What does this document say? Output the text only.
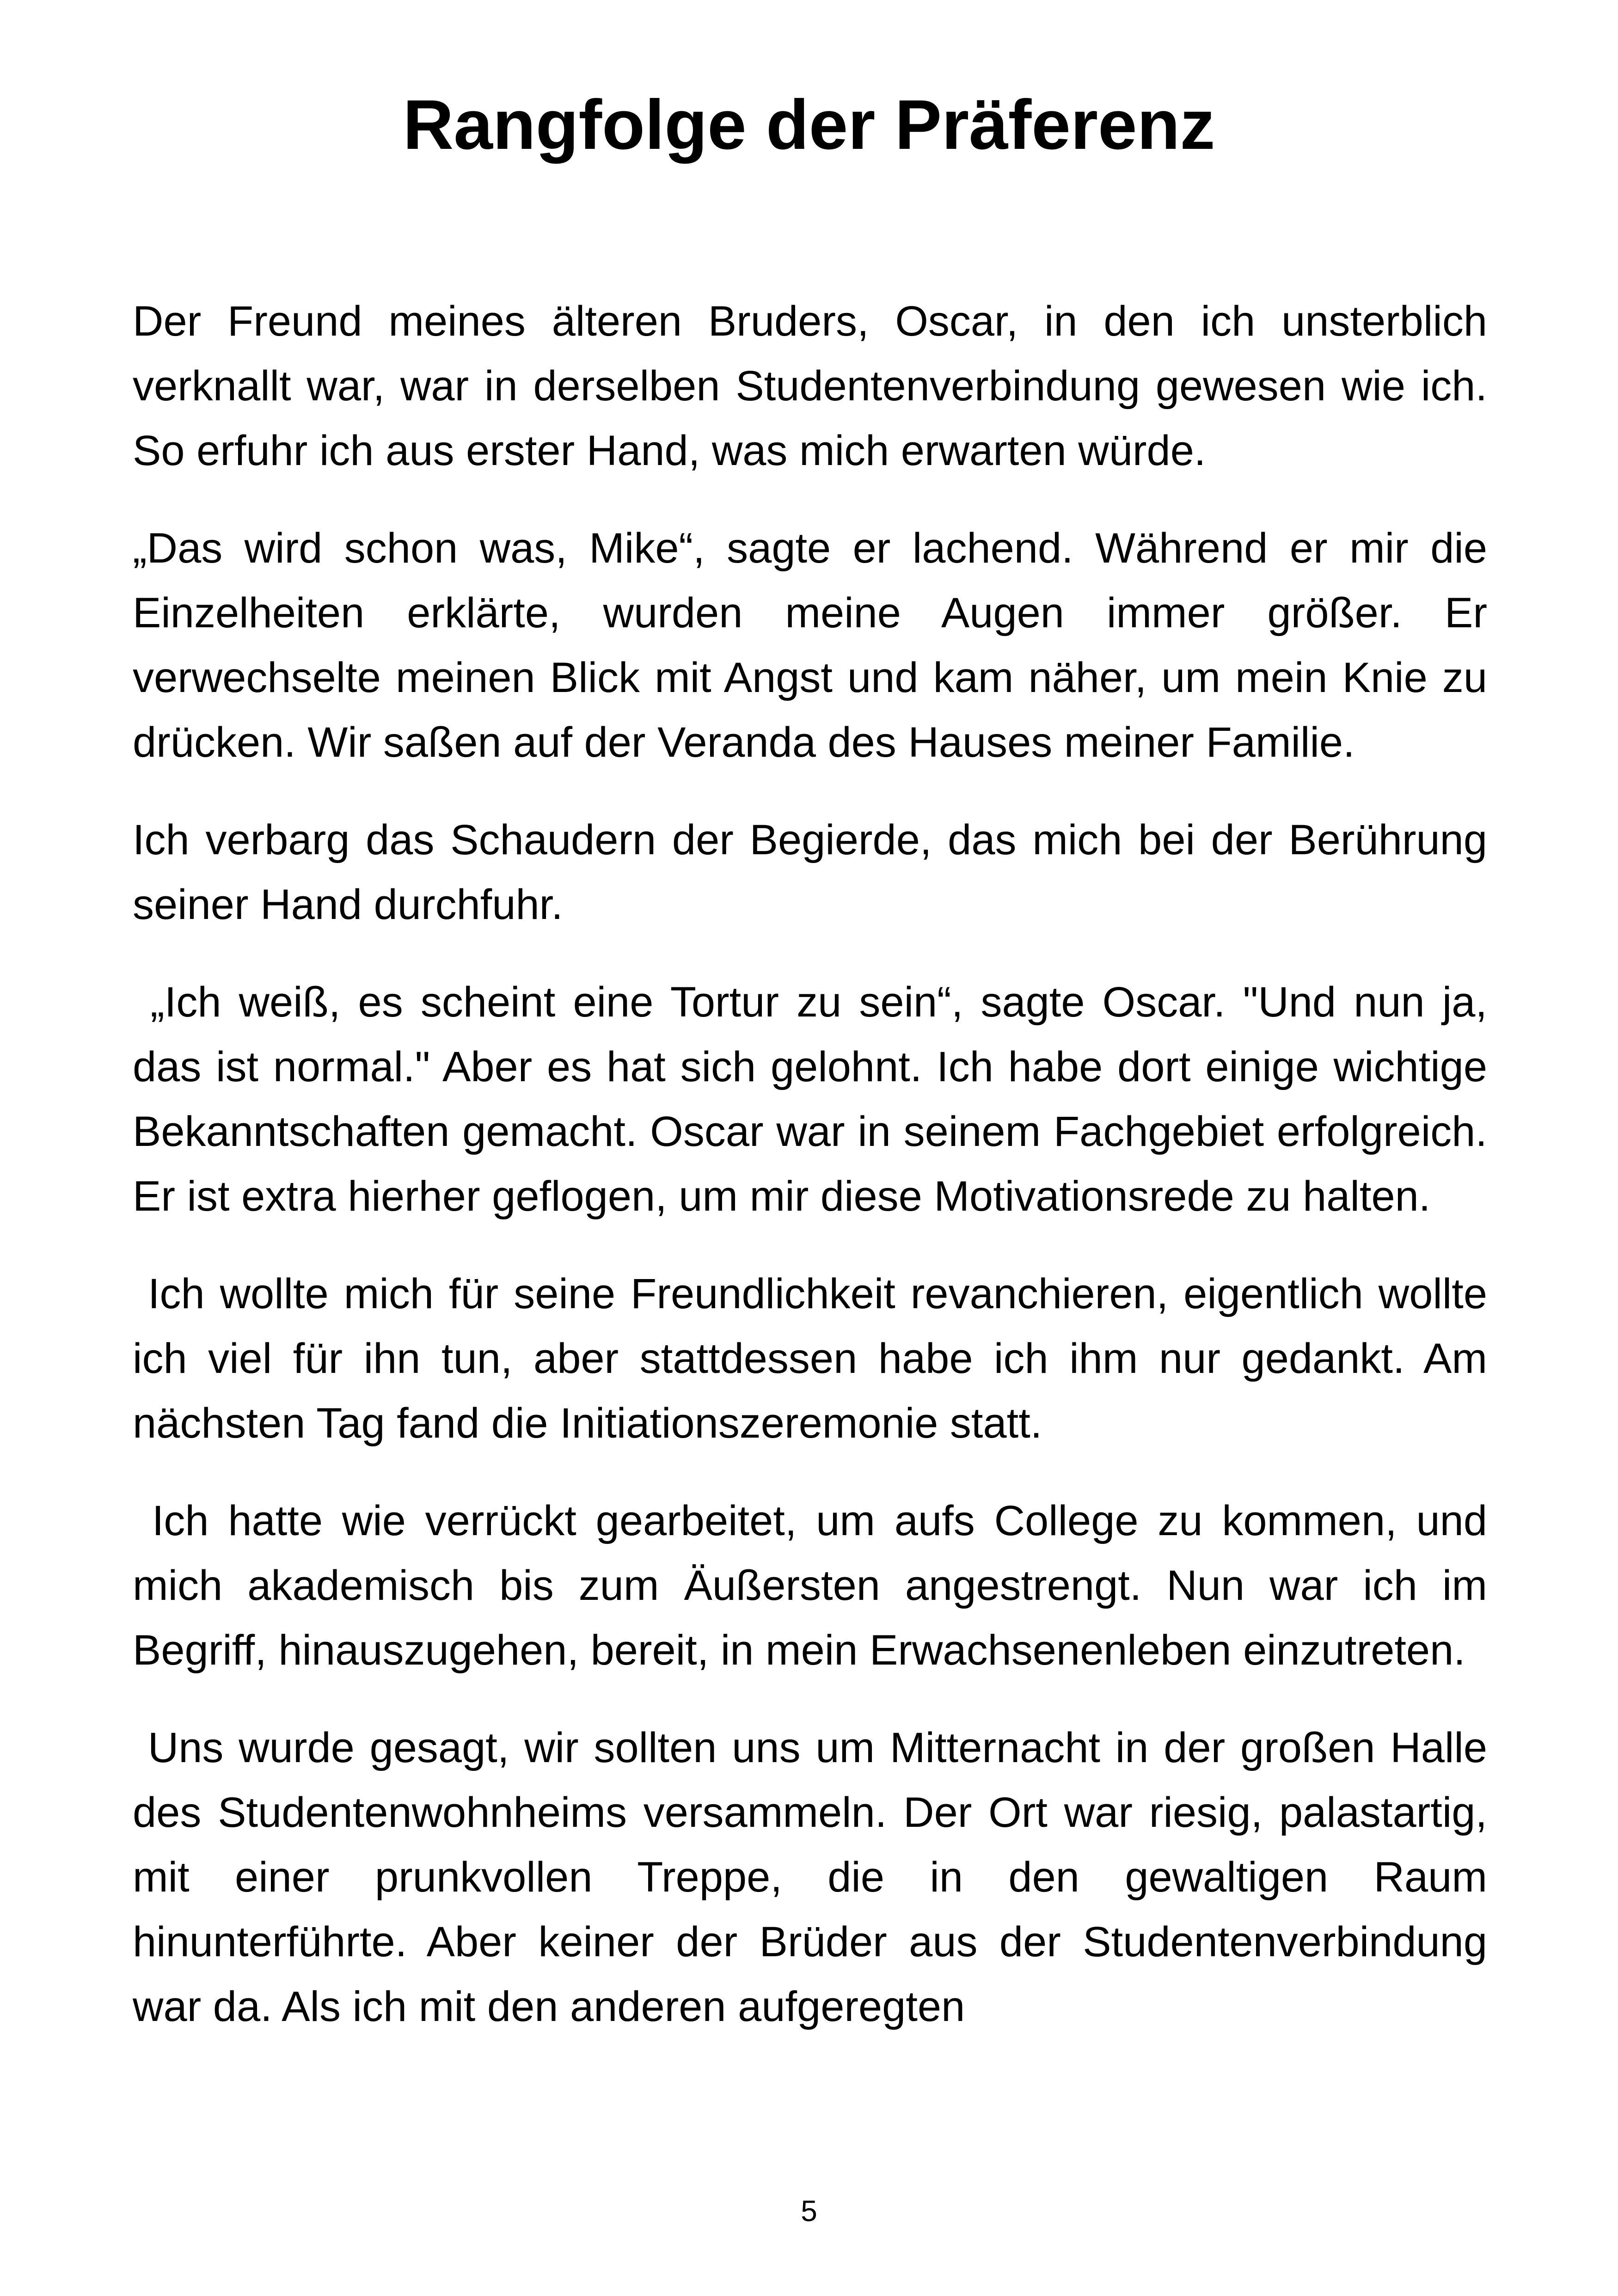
Rangfolge der Präferenz

Der Freund meines älteren Bruders, Oscar, in den ich unsterblich verknallt war, war in derselben Studentenverbindung gewesen wie ich. So erfuhr ich aus erster Hand, was mich erwarten würde.

„Das wird schon was, Mike“, sagte er lachend. Während er mir die Einzelheiten erklärte, wurden meine Augen immer größer. Er verwechselte meinen Blick mit Angst und kam näher, um mein Knie zu drücken. Wir saßen auf der Veranda des Hauses meiner Familie.

Ich verbarg das Schaudern der Begierde, das mich bei der Berührung seiner Hand durchfuhr.

„Ich weiß, es scheint eine Tortur zu sein“, sagte Oscar. "Und nun ja, das ist normal." Aber es hat sich gelohnt. Ich habe dort einige wichtige Bekanntschaften gemacht. Oscar war in seinem Fachgebiet erfolgreich. Er ist extra hierher geflogen, um mir diese Motivationsrede zu halten.

Ich wollte mich für seine Freundlichkeit revanchieren, eigentlich wollte ich viel für ihn tun, aber stattdessen habe ich ihm nur gedankt. Am nächsten Tag fand die Initiationszeremonie statt.

Ich hatte wie verrückt gearbeitet, um aufs College zu kommen, und mich akademisch bis zum Äußersten angestrengt. Nun war ich im Begriff, hinauszugehen, bereit, in mein Erwachsenenleben einzutreten.

Uns wurde gesagt, wir sollten uns um Mitternacht in der großen Halle des Studentenwohnheims versammeln. Der Ort war riesig, palastartig, mit einer prunkvollen Treppe, die in den gewaltigen Raum hinunterführte. Aber keiner der Brüder aus der Studentenverbindung war da. Als ich mit den anderen aufgeregten

5
